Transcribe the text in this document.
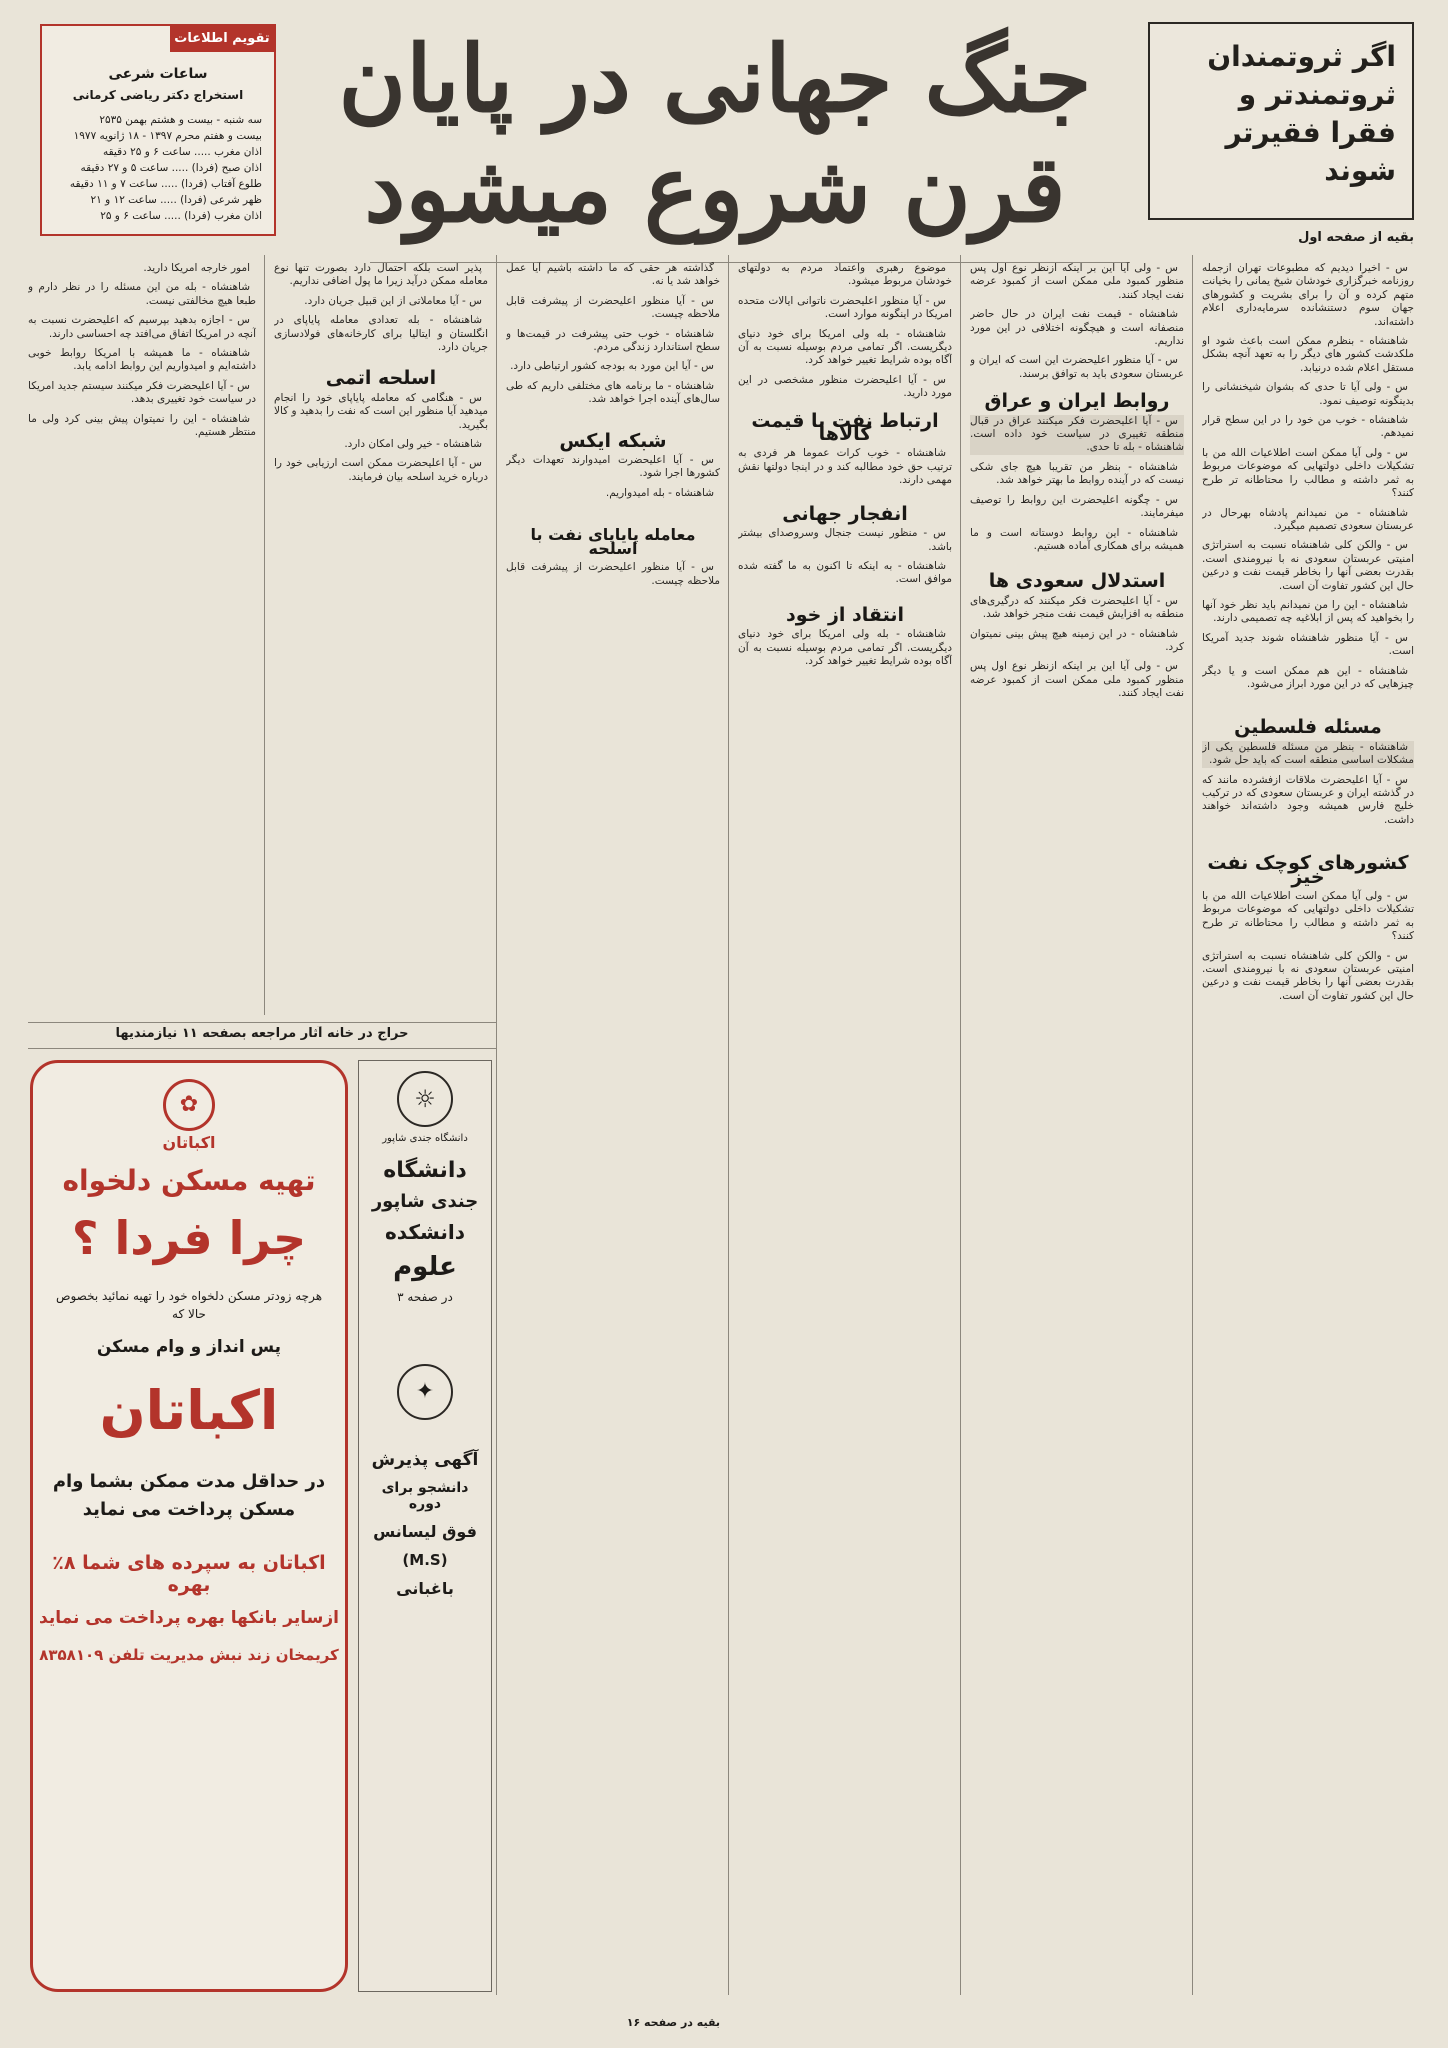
تقویم اطلاعات
ساعات شرعی
استخراج دکتر ریاضی کرمانی
سه شنبه - بیست و هشتم بهمن ۲۵۳۵
بیست و هفتم محرم ۱۳۹۷ - ۱۸ ژانویه ۱۹۷۷
اذان مغرب ..... ساعت ۶ و ۲۵ دقیقه
اذان صبح (فردا) ..... ساعت ۵ و ۲۷ دقیقه
طلوع آفتاب (فردا) ..... ساعت ۷ و ۱۱ دقیقه
ظهر شرعی (فردا) ..... ساعت ۱۲ و ۲۱
اذان مغرب (فردا) ..... ساعت ۶ و ۲۵
جنگ جهانی در پایان
قرن شروع میشود
اگر ثروتمندان ثروتمندتر و فقرا فقیرتر شوند
بقیه از صفحه اول

س - اخیرا دیدیم که مطبوعات تهران ازجمله روزنامه خبرگزاری خودشان شیخ یمانی را بخیانت متهم کرده و آن را برای بشریت و کشورهای جهان سوم دستنشانده سرمایه‌داری اعلام داشته‌اند.

شاهنشاه - بنظرم ممکن است باعث شود او ملکدشت کشور های دیگر را به تعهد آنچه بشکل مستقل اعلام شده درنیابد.

س - ولی آیا تا حدی که بشوان شیخنشانی را بدینگونه توصیف نمود.

شاهنشاه - خوب من خود را در این سطح قرار نمیدهم.

س - ولی آیا ممکن است اطلاعیات الله من با تشکیلات داخلی دولتهایی که موضوعات مربوط به ثمر داشته و مطالب را محتاطانه تر طرح کنند؟

شاهنشاه - من نمیدانم پادشاه بهرحال در عربستان سعودی تصمیم میگیرد.

س - والکن کلی شاهنشاه نسبت به استراتژی امنیتی عربستان سعودی نه با نیرومندی است. بقدرت بعضی آنها را بخاطر قیمت نفت و درعین حال این کشور تفاوت آن است.

شاهنشاه - این را من نمیدانم باید نظر خود آنها را بخواهید که پس از ابلاغیه چه تصمیمی دارند.

س - آیا منظور شاهنشاه شوند جدید آمریکا است.

شاهنشاه - این هم ممکن است و یا دیگر چیزهایی که در این مورد ابراز می‌شود.

مسئله فلسطین

شاهنشاه - بنظر من مسئله فلسطین یکی از مشکلات اساسی منطقه است که باید حل شود.

س - آیا اعلیحضرت ملاقات ازفشرده مانند که در گذشته ایران و عربستان سعودی که در ترکیب خلیج فارس همیشه وجود داشته‌اند خواهند داشت.

کشورهای کوچک نفت خیز

س - ولی آیا ممکن است اطلاعیات الله من با تشکیلات داخلی دولتهایی که موضوعات مربوط به ثمر داشته و مطالب را محتاطانه تر طرح کنند؟

س - والکن کلی شاهنشاه نسبت به استراتژی امنیتی عربستان سعودی نه با نیرومندی است. بقدرت بعضی آنها را بخاطر قیمت نفت و درعین حال این کشور تفاوت آن است.

س - ولی آیا این بر اینکه ازنظر نوع اول پس منظور کمبود ملی ممکن است از کمبود عرضه نفت ایجاد کنند.

شاهنشاه - قیمت نفت ایران در حال حاضر منصفانه است و هیچگونه اختلافی در این مورد نداریم.

س - آیا منظور اعلیحضرت این است که ایران و عربستان سعودی باید به توافق برسند.

روابط ایران و عراق

س - آیا اعلیحضرت فکر میکنند عراق در قبال منطقه تغییری در سیاست خود داده است. شاهنشاه - بله تا حدی.

شاهنشاه - بنظر من تقریبا هیچ جای شکی نیست که در آینده روابط ما بهتر خواهد شد.

س - چگونه اعلیحضرت این روابط را توصیف میفرمایند.

شاهنشاه - این روابط دوستانه است و ما همیشه برای همکاری آماده هستیم.

استدلال سعودی ها

س - آیا اعلیحضرت فکر میکنند که درگیری‌های منطقه به افزایش قیمت نفت منجر خواهد شد.

شاهنشاه - در این زمینه هیچ پیش بینی نمیتوان کرد.

س - ولی آیا این بر اینکه ازنظر نوع اول پس منظور کمبود ملی ممکن است از کمبود عرضه نفت ایجاد کنند.

موضوع رهبری واعتماد مردم به دولتهای خودشان مربوط میشود.

س - آیا منظور اعلیحضرت ناتوانی ایالات متحده امریکا در اینگونه موارد است.

شاهنشاه - بله ولی امریکا برای خود دنیای دیگریست. اگر تمامی مردم بوسیله نسبت به آن آگاه بوده شرایط تغییر خواهد کرد.

س - آیا اعلیحضرت منظور مشخصی در این مورد دارید.

ارتباط نفت با قیمت کالاها

شاهنشاه - خوب کرات عموما هر فردی به ترتیب حق خود مطالبه کند و در اینجا دولتها نقش مهمی دارند.

انفجار جهانی

س - منظور نیست جنجال وسروصدای بیشتر باشد.

شاهنشاه - به اینکه تا اکنون به ما گفته شده موافق است.

انتقاد از خود

شاهنشاه - بله ولی امریکا برای خود دنیای دیگریست. اگر تمامی مردم بوسیله نسبت به آن آگاه بوده شرایط تغییر خواهد کرد.

گذاشته هر حقی که ما داشته باشیم آیا عمل خواهد شد یا نه.

س - آیا منظور اعلیحضرت از پیشرفت قابل ملاحظه چیست.

شاهنشاه - خوب حتی پیشرفت در قیمت‌ها و سطح استاندارد زندگی مردم.

س - آیا این مورد به بودجه کشور ارتباطی دارد.

شاهنشاه - ما برنامه های مختلفی داریم که طی سال‌های آینده اجرا خواهد شد.

شبکه ایکس

س - آیا اعلیحضرت امیدوارند تعهدات دیگر کشورها اجرا شود.

شاهنشاه - بله امیدواریم.

معامله پایاپای نفت با اسلحه

س - آیا منظور اعلیحضرت از پیشرفت قابل ملاحظه چیست.

پذیر است بلکه احتمال دارد بصورت تنها نوع معامله ممکن درآید زیرا ما پول اضافی نداریم.

س - آیا معاملاتی از این قبیل جریان دارد.

شاهنشاه - بله تعدادی معامله پایاپای در انگلستان و ایتالیا برای کارخانه‌های فولادسازی جریان دارد.

اسلحه اتمی

س - هنگامی که معامله پایاپای خود را انجام میدهید آیا منظور این است که نفت را بدهید و کالا بگیرید.

شاهنشاه - خیر ولی امکان دارد.

س - آیا اعلیحضرت ممکن است ارزیابی خود را درباره خرید اسلحه بیان فرمایند.

امور خارجه امریکا دارید.

شاهنشاه - بله من این مسئله را در نظر دارم و طبعا هیچ مخالفتی نیست.

س - اجازه بدهید بپرسیم که اعلیحضرت نسبت به آنچه در امریکا اتفاق می‌افتد چه احساسی دارند.

شاهنشاه - ما همیشه با امریکا روابط خوبی داشته‌ایم و امیدواریم این روابط ادامه یابد.

س - آیا اعلیحضرت فکر میکنند سیستم جدید امریکا در سیاست خود تغییری بدهد.

شاهنشاه - این را نمیتوان پیش بینی کرد ولی ما منتظر هستیم.

حراج در خانه آثار مراجعه بصفحه ۱۱ نیازمندیها
✿
اکباتان
تهیه مسکن دلخواه
چرا فردا ؟
هرچه زودتر مسکن دلخواه خود را تهیه نمائید بخصوص حالا که
پس انداز و وام مسکن
اکباتان
در حداقل مدت ممکن بشما وام مسکن پرداخت می نماید
اکباتان به سپرده های شما ۸٪ بهره
ازسایر بانکها بهره پرداخت می نماید
کریمخان زند نبش مدیریت تلفن ۸۳۵۸۱۰۹
☼
دانشگاه جندی شاپور
دانشگاه
جندی شاپور
دانشکده
علوم
در صفحه ۳
✦
آگهی پذیرش
دانشجو برای دوره
فوق لیسانس
(M.S)
باغبانی
بقیه در صفحه ۱۶
